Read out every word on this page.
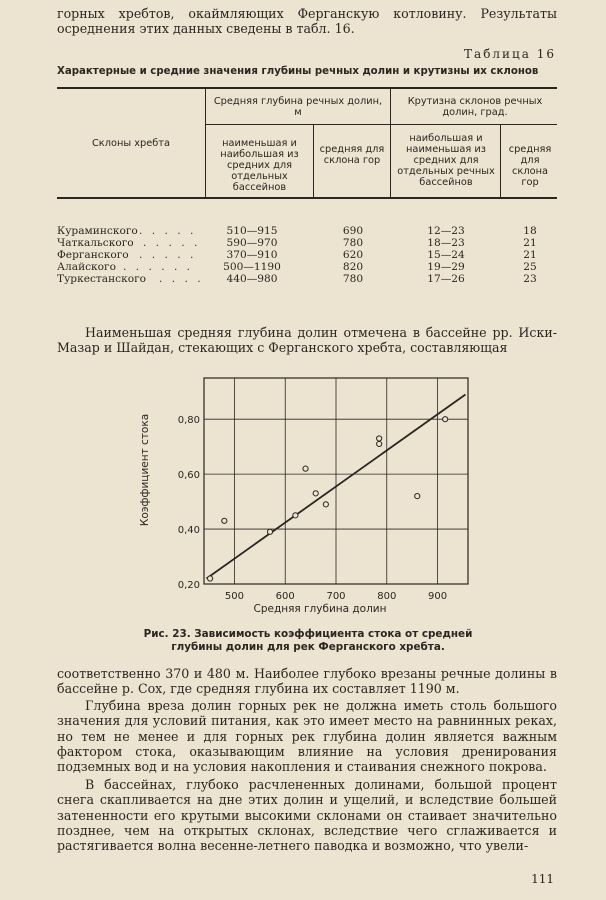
горных хребтов, окаймляющих Ферганскую котловину. Результаты осреднения этих данных сведены в табл. 16.

Таблица 16
Характерные и средние значения глубины речных долин и крутизны их склонов
Склоны хребта
Средняя глубина речных долин, м
Крутизна склонов речных долин, град.
наименьшая и наибольшая из средних для отдельных бассейнов
средняя для склона гор
наибольшая и наименьшая из средних для отдельных речных бассейнов
средняя для склона гор
Кураминского . . . . .	510—915	690	12—23	18
Чаткальского . . . . .	590—970	780	18—23	21
Ферганского . . . . .	370—910	620	15—24	21
Алайского . . . . . .	500—1190	820	19—29	25
Туркестанского . . . .	440—980	780	17—26	23

Наименьшая средняя глубина долин отмечена в бассейне рр. Иски-Мазар и Шайдан, стекающих с Ферганского хребта, составляющая

500	600	700	800	900
0,20
0,40
0,60
0,80
Средняя глубина долин
Коэффициент стока
Рис. 23. Зависимость коэффициента стока от средней глубины долин для рек Ферганского хребта.

соответственно 370 и 480 м. Наиболее глубоко врезаны речные долины в бассейне р. Сох, где средняя глубина их составляет 1190 м.

Глубина вреза долин горных рек не должна иметь столь большого значения для условий питания, как это имеет место на равнинных реках, но тем не менее и для горных рек глубина долин является важным фактором стока, оказывающим влияние на условия дренирования подземных вод и на условия накопления и стаивания снежного покрова.

В бассейнах, глубоко расчлененных долинами, большой процент снега скапливается на дне этих долин и ущелий, и вследствие большей затененности его крутыми высокими склонами он стаивает значительно позднее, чем на открытых склонах, вследствие чего сглаживается и растягивается волна весенне-летнего паводка и возможно, что увели-

111
